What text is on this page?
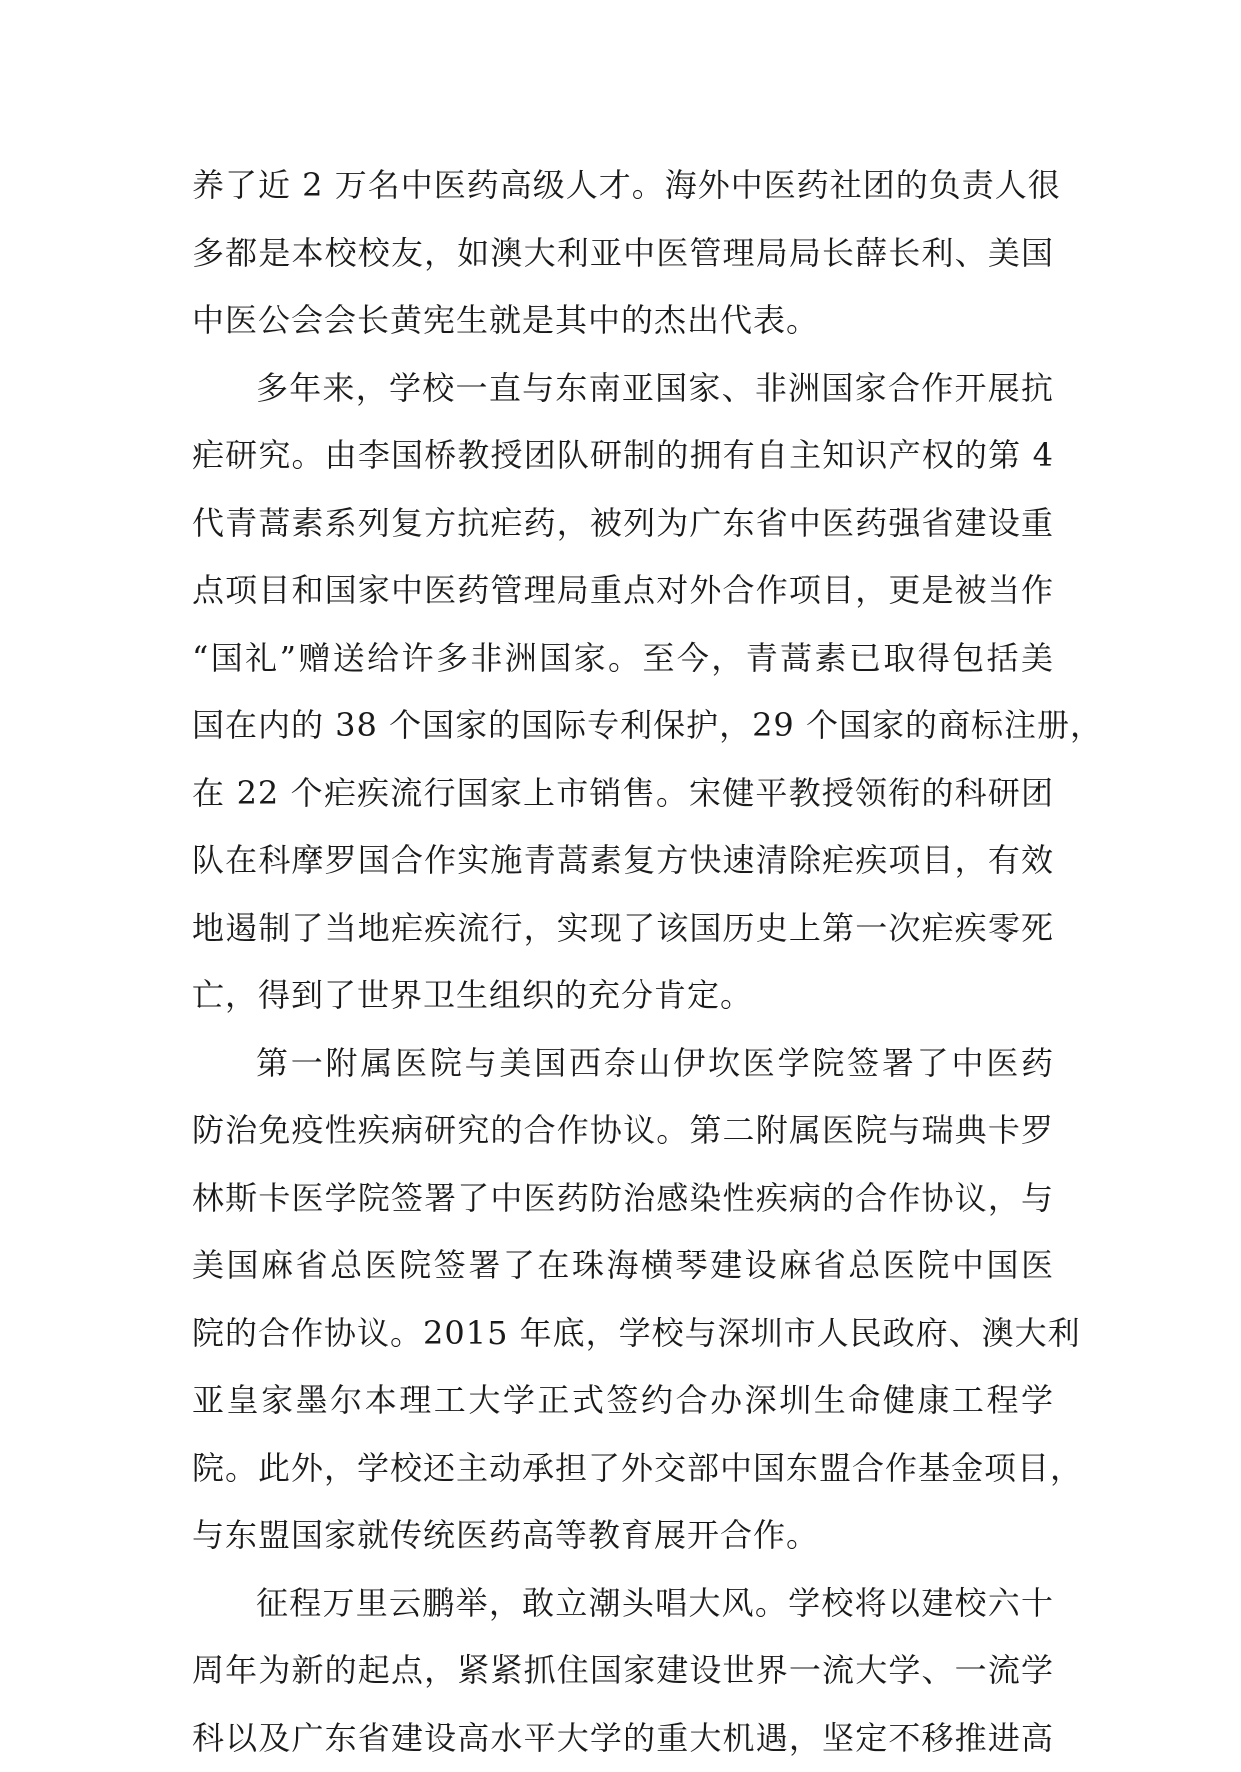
养了近 2 万名中医药高级人才。海外中医药社团的负责人很
多都是本校校友，如澳大利亚中医管理局局长薛长利、美国
中医公会会长黄宪生就是其中的杰出代表。
多年来，学校一直与东南亚国家、非洲国家合作开展抗
疟研究。由李国桥教授团队研制的拥有自主知识产权的第 4
代青蒿素系列复方抗疟药，被列为广东省中医药强省建设重
点项目和国家中医药管理局重点对外合作项目，更是被当作
“国礼”赠送给许多非洲国家。至今，青蒿素已取得包括美
国在内的 38 个国家的国际专利保护，29 个国家的商标注册，
在 22 个疟疾流行国家上市销售。宋健平教授领衔的科研团
队在科摩罗国合作实施青蒿素复方快速清除疟疾项目，有效
地遏制了当地疟疾流行，实现了该国历史上第一次疟疾零死
亡，得到了世界卫生组织的充分肯定。
第一附属医院与美国西奈山伊坎医学院签署了中医药
防治免疫性疾病研究的合作协议。第二附属医院与瑞典卡罗
林斯卡医学院签署了中医药防治感染性疾病的合作协议，与
美国麻省总医院签署了在珠海横琴建设麻省总医院中国医
院的合作协议。2015 年底，学校与深圳市人民政府、澳大利
亚皇家墨尔本理工大学正式签约合办深圳生命健康工程学
院。此外，学校还主动承担了外交部中国东盟合作基金项目，
与东盟国家就传统医药高等教育展开合作。
征程万里云鹏举，敢立潮头唱大风。学校将以建校六十
周年为新的起点，紧紧抓住国家建设世界一流大学、一流学
科以及广东省建设高水平大学的重大机遇，坚定不移推进高
